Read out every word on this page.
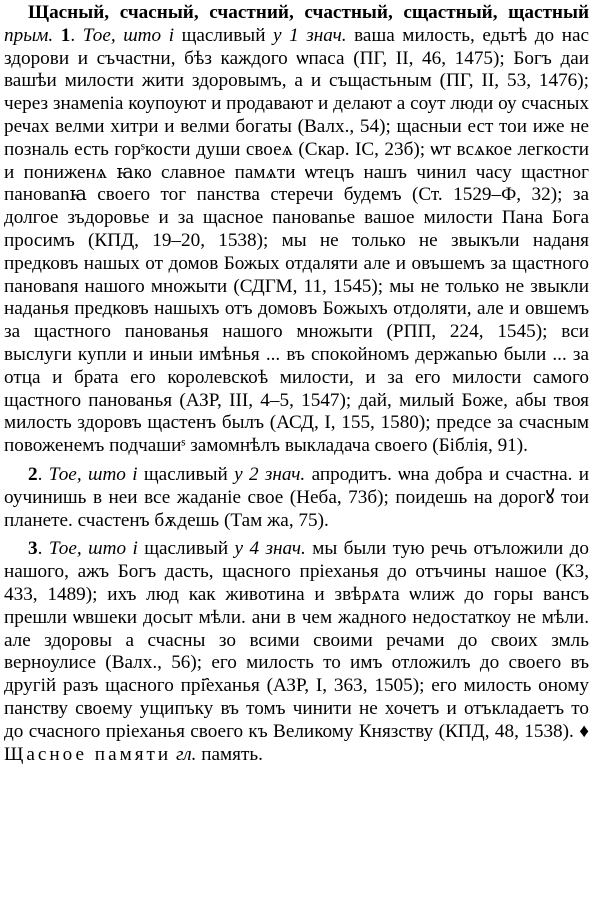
Щасный, счасный, счастний, счастный, сщастный, щастный прым. 1. Тое, што і щасливый у 1 знач. ваша милость, едьтѣ до нас здорови и съчастни, бѣз каждого ѡпаса (ПГ, II, 46, 1475); Богъ даи вашѣи милости жити здоровымъ, а и същастьным (ПГ, II, 53, 1476); через знамеnіа коупоуют и продавают и делают а соут люди оу счасных речах велми хитри и велми богаты (Валх., 54); щасныи ест тои иже не позналь есть горˢкости души своеѧ (Скар. ІС, 23б); ѡт всѧкое легкости и пониженѧ ꙗко славное памѧти ѡтецъ нашъ чинил часу щастног пановаnꙗ своего тог панства стеречи будемъ (Ст. 1529–Ф, 32); за долгое зъдоровье и за щасное пановаnье вашое милости Пана Бога просимъ (КПД, 19–20, 1538); мы не только не звыкъли наданя предковъ нашых от домов Божых отдаляти але и овъшемъ за щастного пановаnя нашого множыти (СДГМ, 11, 1545); мы не только не звыкли наданья предковъ нашыхъ отъ домовъ Божыхъ отдоляти, але и овшемъ за щастного панованья нашого множыти (РПП, 224, 1545); вси выслуги купли и иныи имѣнья ... въ спокойномъ держаnью были ... за отца и брата его королевскоѣ милости, и за его милости самого щастного панованья (АЗР, III, 4–5, 1547); дай, милый Боже, абы твоя милость здоровъ щастенъ былъ (АСД, I, 155, 1580); предсе за счасным повоженемъ подчашиˢ замомнѣлъ выкладача своего (Біблія, 91).

2. Тое, што і щасливый у 2 знач. апродитъ. ѡна добра и счастна. и оучинишь в неи все жаданіе свое (Неба, 73б); поидешь на дорогꙋ тои планете. счастенъ бѫдешь (Там жа, 75).

3. Тое, што і щасливый у 4 знач. мы были тую речь отъложили до нашого, ажъ Богъ дасть, щасного пріеханья до отъчины нашое (КЗ, 433, 1489); ихъ люд как животина и звѣрѧта ѡлиж до горы вансъ прешли ѡвшеки досыт мѣли. ани в чем жадного недостаткоу не мѣли. але здоровы а счасны зо всими своими речами до своих змль верноулисе (Валх., 56); его милость то имъ отложилъ до своего въ другій разъ щасного прі҄еханья (АЗР, I, 363, 1505); его милость оному панству своему ущипъку въ томъ чинити не хочетъ и отъкладаетъ то до счасного пріеханья своего къ Великому Князству (КПД, 48, 1538). ♦ Щасное памяти гл. память.
